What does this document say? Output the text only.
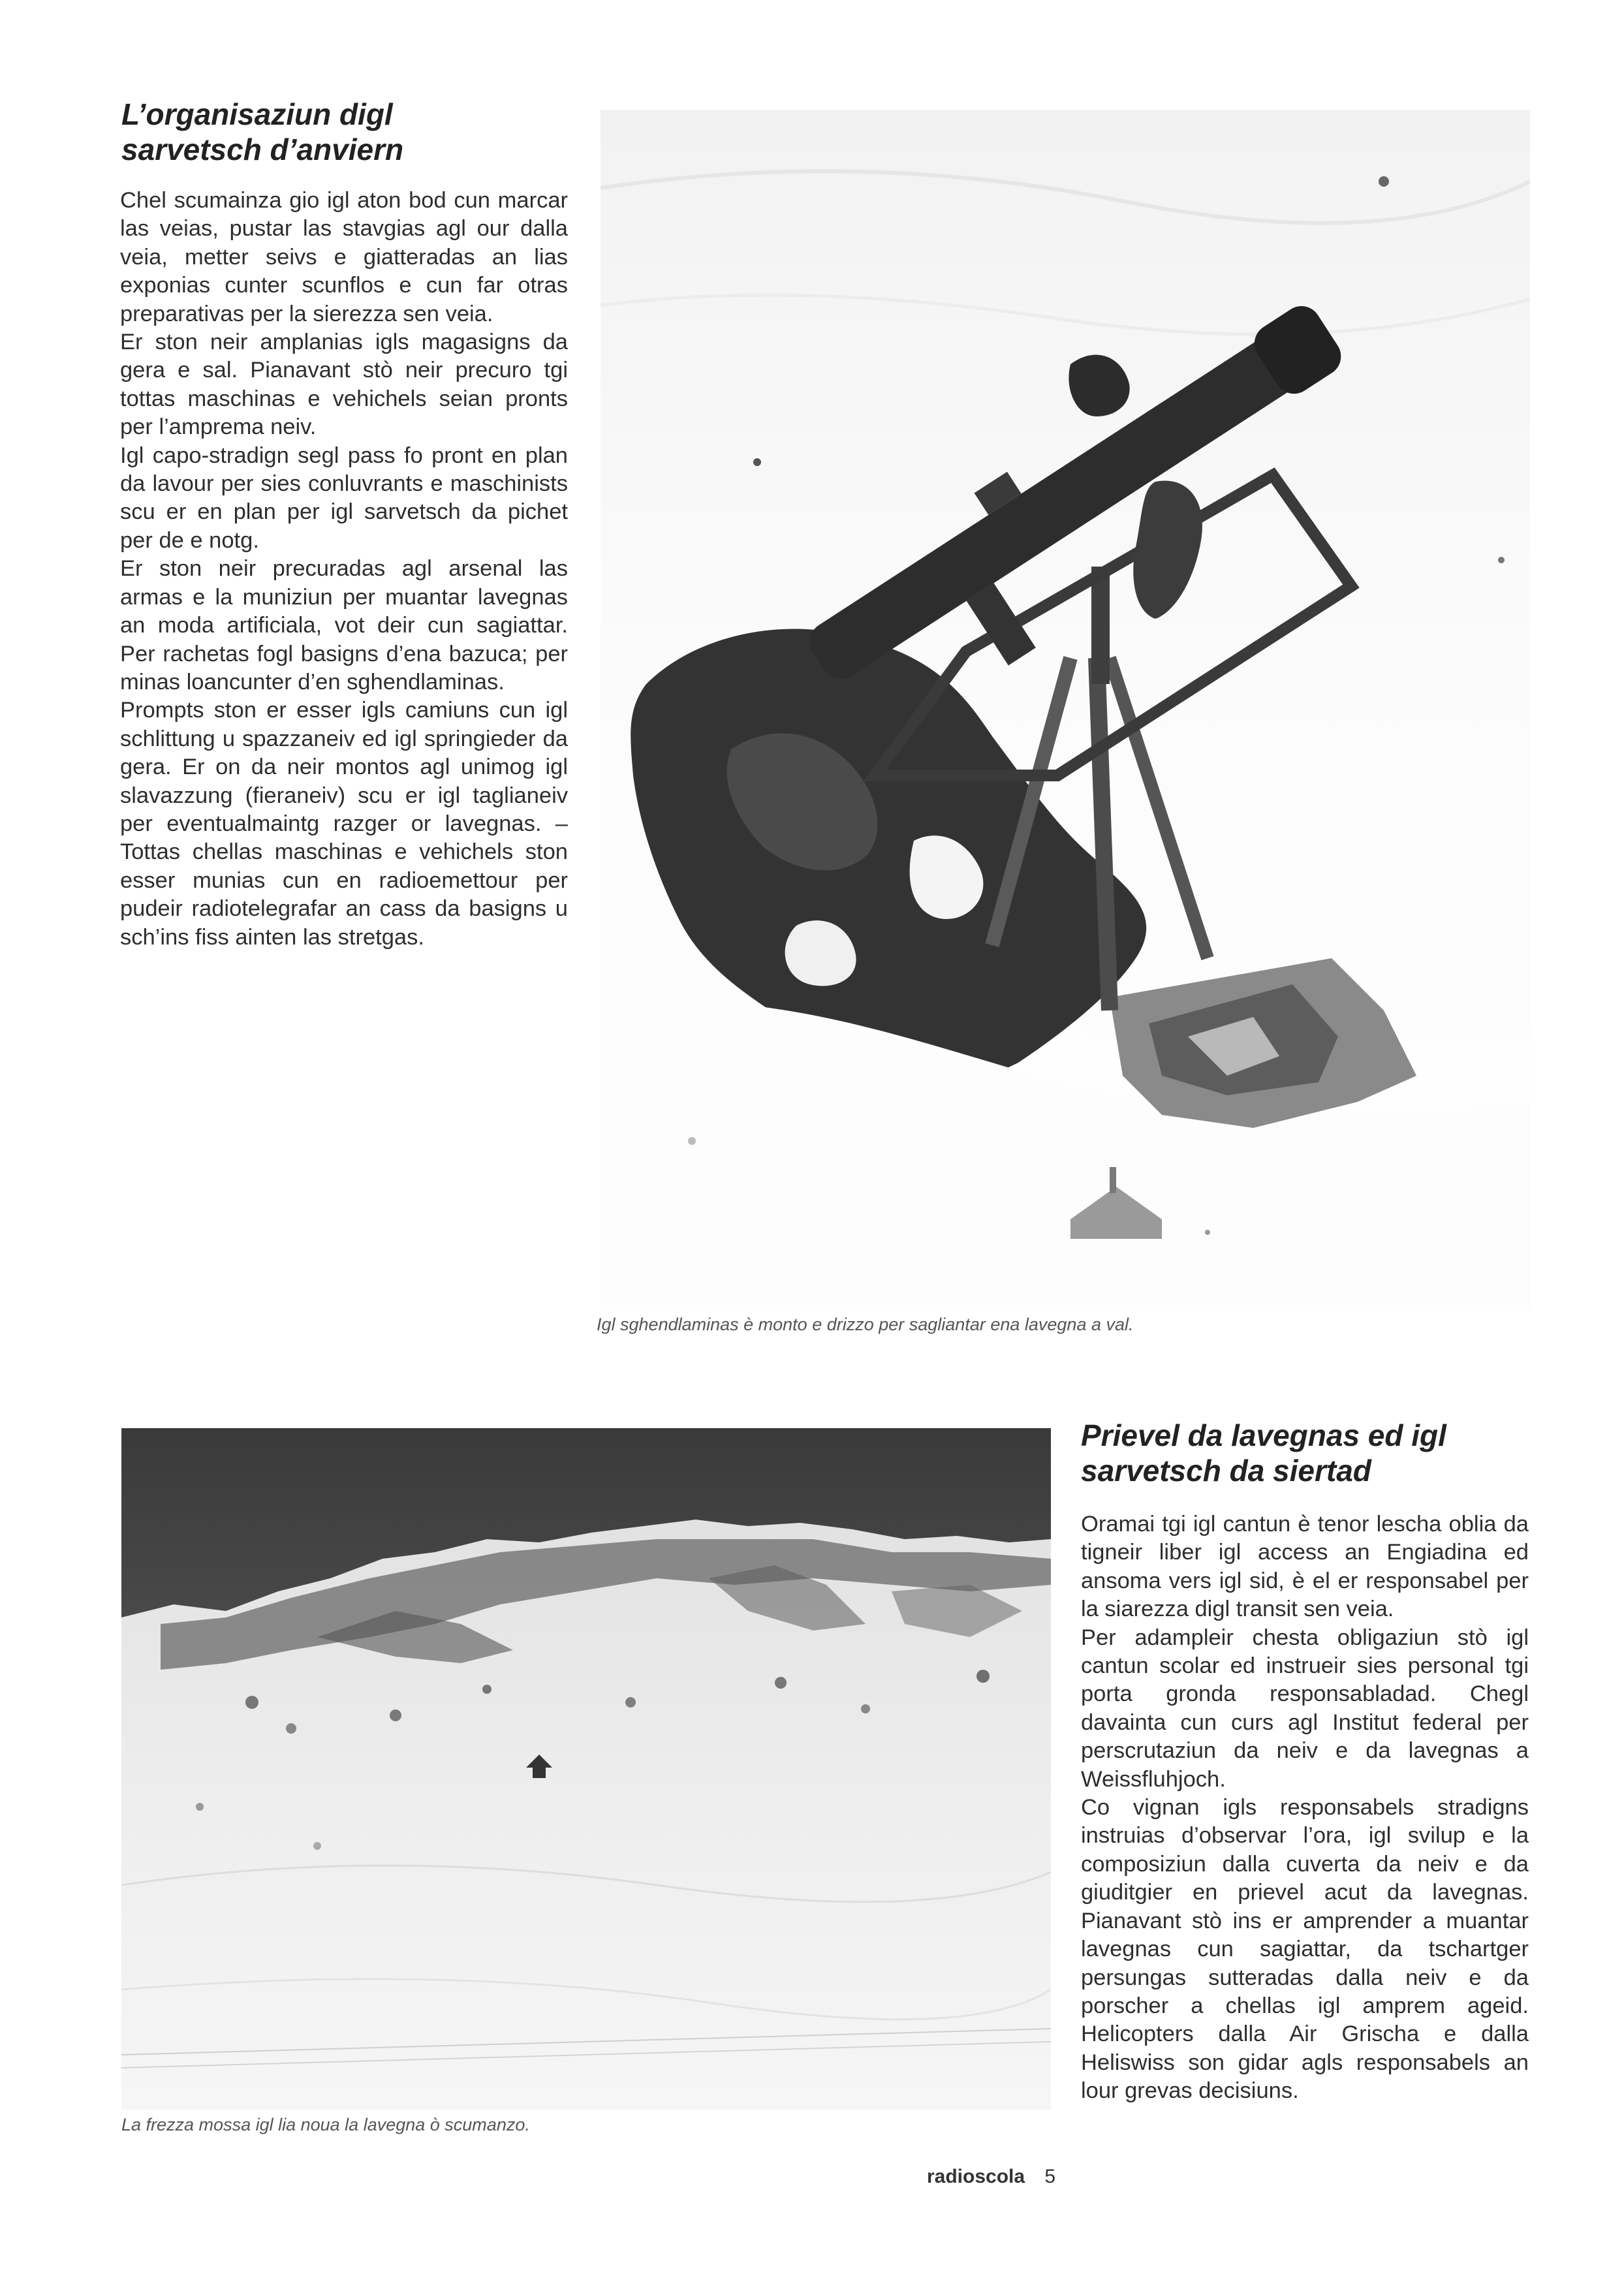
L’organisaziun digl
sarvetsch d’anviern

Chel scumainza gio igl aton bod cun marcar las veias, pustar las stavgias agl our dalla veia, metter seivs e giatteradas an lias exponias cunter scunflos e cun far otras preparativas per la sierezza sen veia.

Er ston neir amplanias igls magasigns da gera e sal. Pianavant stò neir precuro tgi tottas maschinas e vehichels seian pronts per l’amprema neiv.

Igl capo-stradign segl pass fo pront en plan da lavour per sies conluvrants e maschinists scu er en plan per igl sarvetsch da pichet per de e notg.

Er ston neir precuradas agl arsenal las armas e la muniziun per muantar lavegnas an moda artificiala, vot deir cun sagiattar. Per rachetas fogl basigns d’ena bazuca; per minas loancunter d’en sghendlaminas.

Prompts ston er esser igls camiuns cun igl schlittung u spazzaneiv ed igl springieder da gera. Er on da neir montos agl unimog igl slavazzung (fieraneiv) scu er igl taglianeiv per eventualmaintg razger or lavegnas. – Tottas chellas maschinas e vehichels ston esser munias cun en radioemettour per pudeir radiotelegrafar an cass da basigns u sch’ins fiss ainten las stretgas.

Igl sghendlaminas è monto e drizzo per sagliantar ena lavegna a val.
La frezza mossa igl lia noua la lavegna ò scumanzo.
Prievel da lavegnas ed igl
sarvetsch da siertad

Oramai tgi igl cantun è tenor lescha oblia da tigneir liber igl access an Engiadina ed ansoma vers igl sid, è el er responsabel per la siarezza digl transit sen veia.

Per adampleir chesta obligaziun stò igl cantun scolar ed instrueir sies personal tgi porta gronda responsabladad. Chegl davainta cun curs agl Institut federal per perscrutaziun da neiv e da lavegnas a Weissfluhjoch.

Co vignan igls responsabels stradigns instruias d’observar l’ora, igl svilup e la composiziun dalla cuverta da neiv e da giuditgier en prievel acut da lavegnas. Pianavant stò ins er amprender a muantar lavegnas cun sagiattar, da tschartger persungas sutteradas dalla neiv e da porscher a chellas igl amprem ageid. Helicopters dalla Air Grischa e dalla Heliswiss son gidar agls responsabels an lour grevas decisiuns.

radioscola 5
